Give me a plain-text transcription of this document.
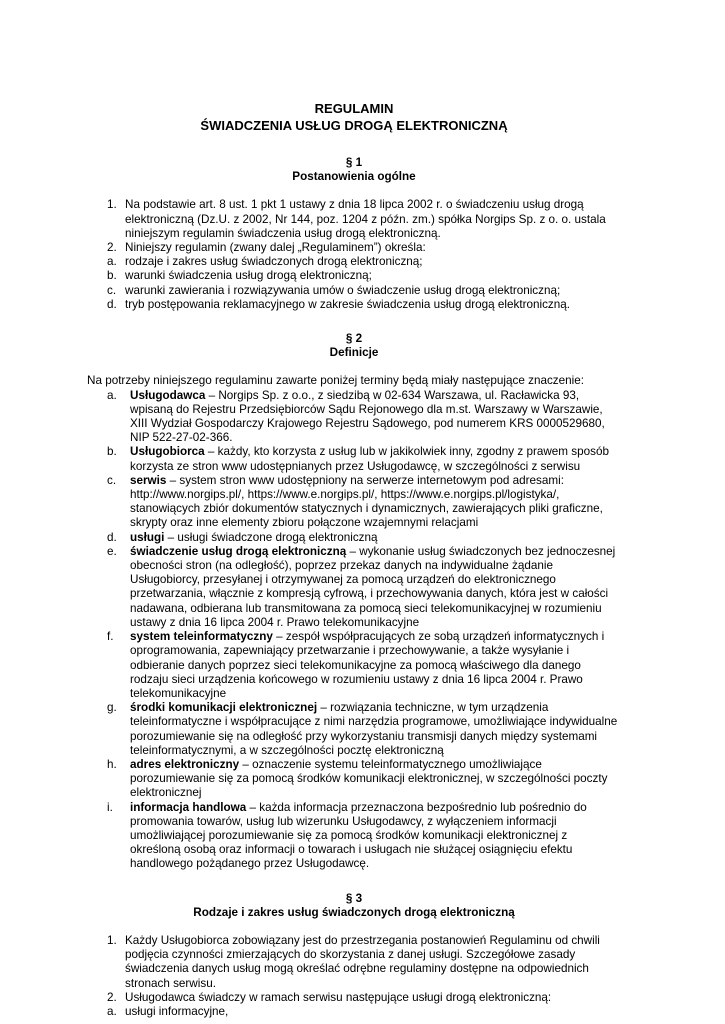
REGULAMIN
ŚWIADCZENIA USŁUG DROGĄ ELEKTRONICZNĄ

§ 1

Postanowienia ogólne

1. Na podstawie art. 8 ust. 1 pkt 1 ustawy z dnia 18 lipca 2002 r. o świadczeniu usług drogą elektroniczną (Dz.U. z 2002, Nr 144, poz. 1204 z późn. zm.) spółka Norgips Sp. z o. o. ustala niniejszym regulamin świadczenia usług drogą elektroniczną.
2. Niniejszy regulamin (zwany dalej „Regulaminem”) określa:
a. rodzaje i zakres usług świadczonych drogą elektroniczną;
b. warunki świadczenia usług drogą elektroniczną;
c. warunki zawierania i rozwiązywania umów o świadczenie usług drogą elektroniczną;
d. tryb postępowania reklamacyjnego w zakresie świadczenia usług drogą elektroniczną.

§ 2

Definicje

Na potrzeby niniejszego regulaminu zawarte poniżej terminy będą miały następujące znaczenie:

a. Usługodawca – Norgips Sp. z o.o., z siedzibą w 02-634 Warszawa, ul. Racławicka 93, wpisaną do Rejestru Przedsiębiorców Sądu Rejonowego dla m.st. Warszawy w Warszawie, XIII Wydział Gospodarczy Krajowego Rejestru Sądowego, pod numerem KRS 0000529680, NIP 522-27-02-366.
b. Usługobiorca – każdy, kto korzysta z usług lub w jakikolwiek inny, zgodny z prawem sposób korzysta ze stron www udostępnianych przez Usługodawcę, w szczególności z serwisu
c. serwis – system stron www udostępniony na serwerze internetowym pod adresami: http://www.norgips.pl/, https://www.e.norgips.pl/, https://www.e.norgips.pl/logistyka/, stanowiących zbiór dokumentów statycznych i dynamicznych, zawierających pliki graficzne, skrypty oraz inne elementy zbioru połączone wzajemnymi relacjami
d. usługi – usługi świadczone drogą elektroniczną
e. świadczenie usług drogą elektroniczną – wykonanie usług świadczonych bez jednoczesnej obecności stron (na odległość), poprzez przekaz danych na indywidualne żądanie Usługobiorcy, przesyłanej i otrzymywanej za pomocą urządzeń do elektronicznego przetwarzania, włącznie z kompresją cyfrową, i przechowywania danych, która jest w całości nadawana, odbierana lub transmitowana za pomocą sieci telekomunikacyjnej w rozumieniu ustawy z dnia 16 lipca 2004 r. Prawo telekomunikacyjne
f. system teleinformatyczny – zespół współpracujących ze sobą urządzeń informatycznych i oprogramowania, zapewniający przetwarzanie i przechowywanie, a także wysyłanie i odbieranie danych poprzez sieci telekomunikacyjne za pomocą właściwego dla danego rodzaju sieci urządzenia końcowego w rozumieniu ustawy z dnia 16 lipca 2004 r. Prawo telekomunikacyjne
g. środki komunikacji elektronicznej – rozwiązania techniczne, w tym urządzenia teleinformatyczne i współpracujące z nimi narzędzia programowe, umożliwiające indywidualne porozumiewanie się na odległość przy wykorzystaniu transmisji danych między systemami teleinformatycznymi, a w szczególności pocztę elektroniczną
h. adres elektroniczny – oznaczenie systemu teleinformatycznego umożliwiające porozumiewanie się za pomocą środków komunikacji elektronicznej, w szczególności poczty elektronicznej
i. informacja handlowa – każda informacja przeznaczona bezpośrednio lub pośrednio do promowania towarów, usług lub wizerunku Usługodawcy, z wyłączeniem informacji umożliwiającej porozumiewanie się za pomocą środków komunikacji elektronicznej z określoną osobą oraz informacji o towarach i usługach nie służącej osiągnięciu efektu handlowego pożądanego przez Usługodawcę.

§ 3

Rodzaje i zakres usług świadczonych drogą elektroniczną

1. Każdy Usługobiorca zobowiązany jest do przestrzegania postanowień Regulaminu od chwili podjęcia czynności zmierzających do skorzystania z danej usługi. Szczegółowe zasady świadczenia danych usług mogą określać odrębne regulaminy dostępne na odpowiednich stronach serwisu.
2. Usługodawca świadczy w ramach serwisu następujące usługi drogą elektroniczną:
a. usługi informacyjne,
